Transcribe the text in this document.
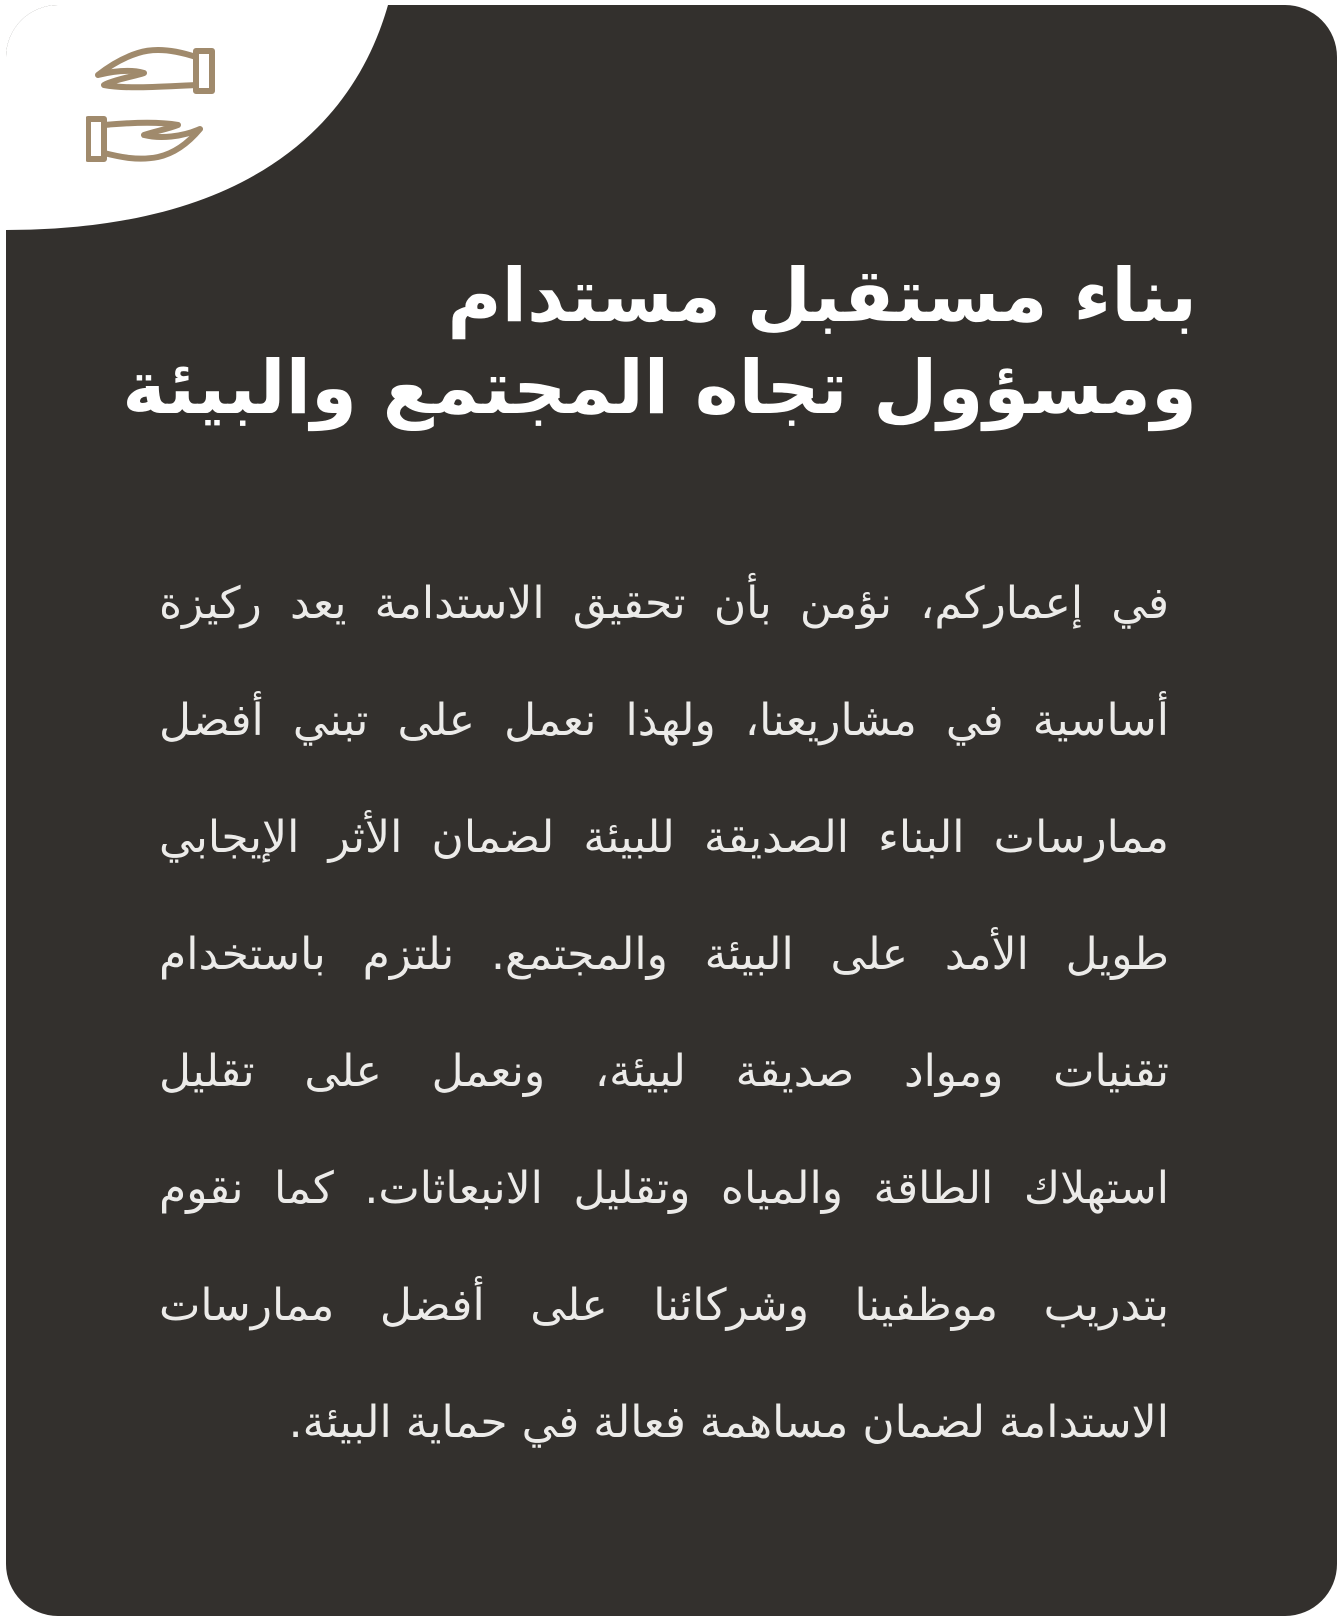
بناء مستقبل مستدام
ومسؤول تجاه المجتمع والبيئة
في إعماركم، نؤمن بأن تحقيق الاستدامة يعد ركيزة
أساسية في مشاريعنا، ولهذا نعمل على تبني أفضل
ممارسات البناء الصديقة للبيئة لضمان الأثر الإيجابي
طويل الأمد على البيئة والمجتمع. نلتزم باستخدام
تقنيات ومواد صديقة لبيئة، ونعمل على تقليل
استهلاك الطاقة والمياه وتقليل الانبعاثات. كما نقوم
بتدريب موظفينا وشركائنا على أفضل ممارسات
الاستدامة لضمان مساهمة فعالة في حماية البيئة.
